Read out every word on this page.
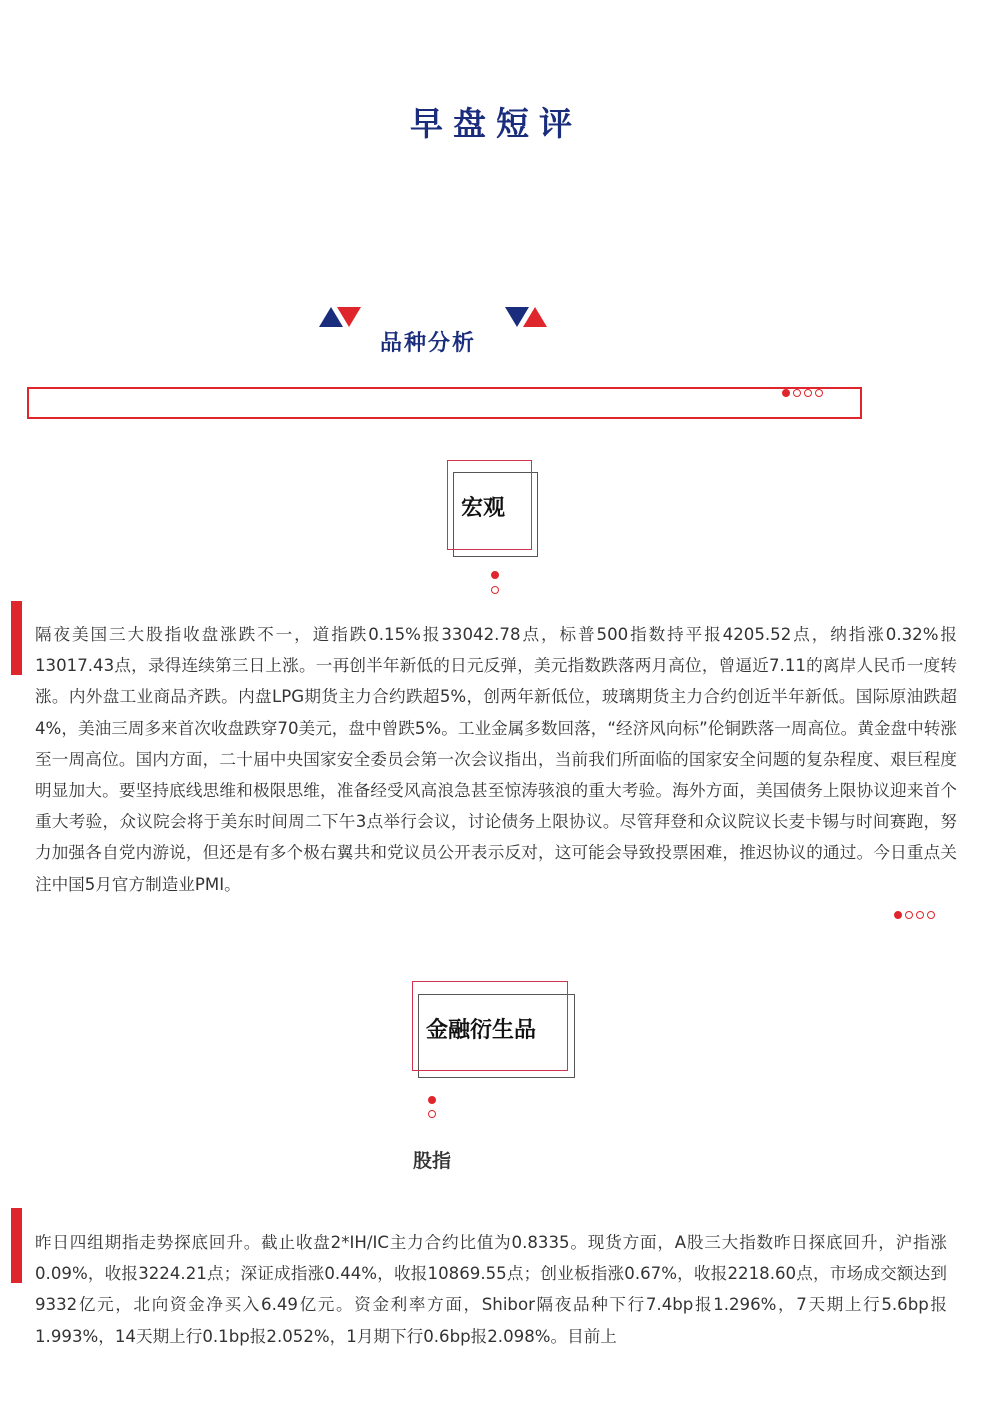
早盘短评
品种分析
宏观
隔夜美国三大股指收盘涨跌不一，道指跌0.15%报33042.78点，标普500指数持平报4205.52点，纳指涨0.32%报13017.43点，录得连续第三日上涨。一再创半年新低的日元反弹，美元指数跌落两月高位，曾逼近7.11的离岸人民币一度转涨。内外盘工业商品齐跌。内盘LPG期货主力合约跌超5%，创两年新低位，玻璃期货主力合约创近半年新低。国际原油跌超4%，美油三周多来首次收盘跌穿70美元，盘中曾跌5%。工业金属多数回落，“经济风向标”伦铜跌落一周高位。黄金盘中转涨至一周高位。国内方面，二十届中央国家安全委员会第一次会议指出，当前我们所面临的国家安全问题的复杂程度、艰巨程度明显加大。要坚持底线思维和极限思维，准备经受风高浪急甚至惊涛骇浪的重大考验。海外方面，美国债务上限协议迎来首个重大考验，众议院会将于美东时间周二下午3点举行会议，讨论债务上限协议。尽管拜登和众议院议长麦卡锡与时间赛跑，努力加强各自党内游说，但还是有多个极右翼共和党议员公开表示反对，这可能会导致投票困难，推迟协议的通过。今日重点关注中国5月官方制造业PMI。
金融衍生品
股指
昨日四组期指走势探底回升。截止收盘2*IH/IC主力合约比值为0.8335。现货方面，A股三大指数昨日探底回升，沪指涨0.09%，收报3224.21点；深证成指涨0.44%，收报10869.55点；创业板指涨0.67%，收报2218.60点，市场成交额达到9332亿元，北向资金净买入6.49亿元。资金利率方面，Shibor隔夜品种下行7.4bp报1.296%，7天期上行5.6bp报1.993%，14天期上行0.1bp报2.052%，1月期下行0.6bp报2.098%。目前上
